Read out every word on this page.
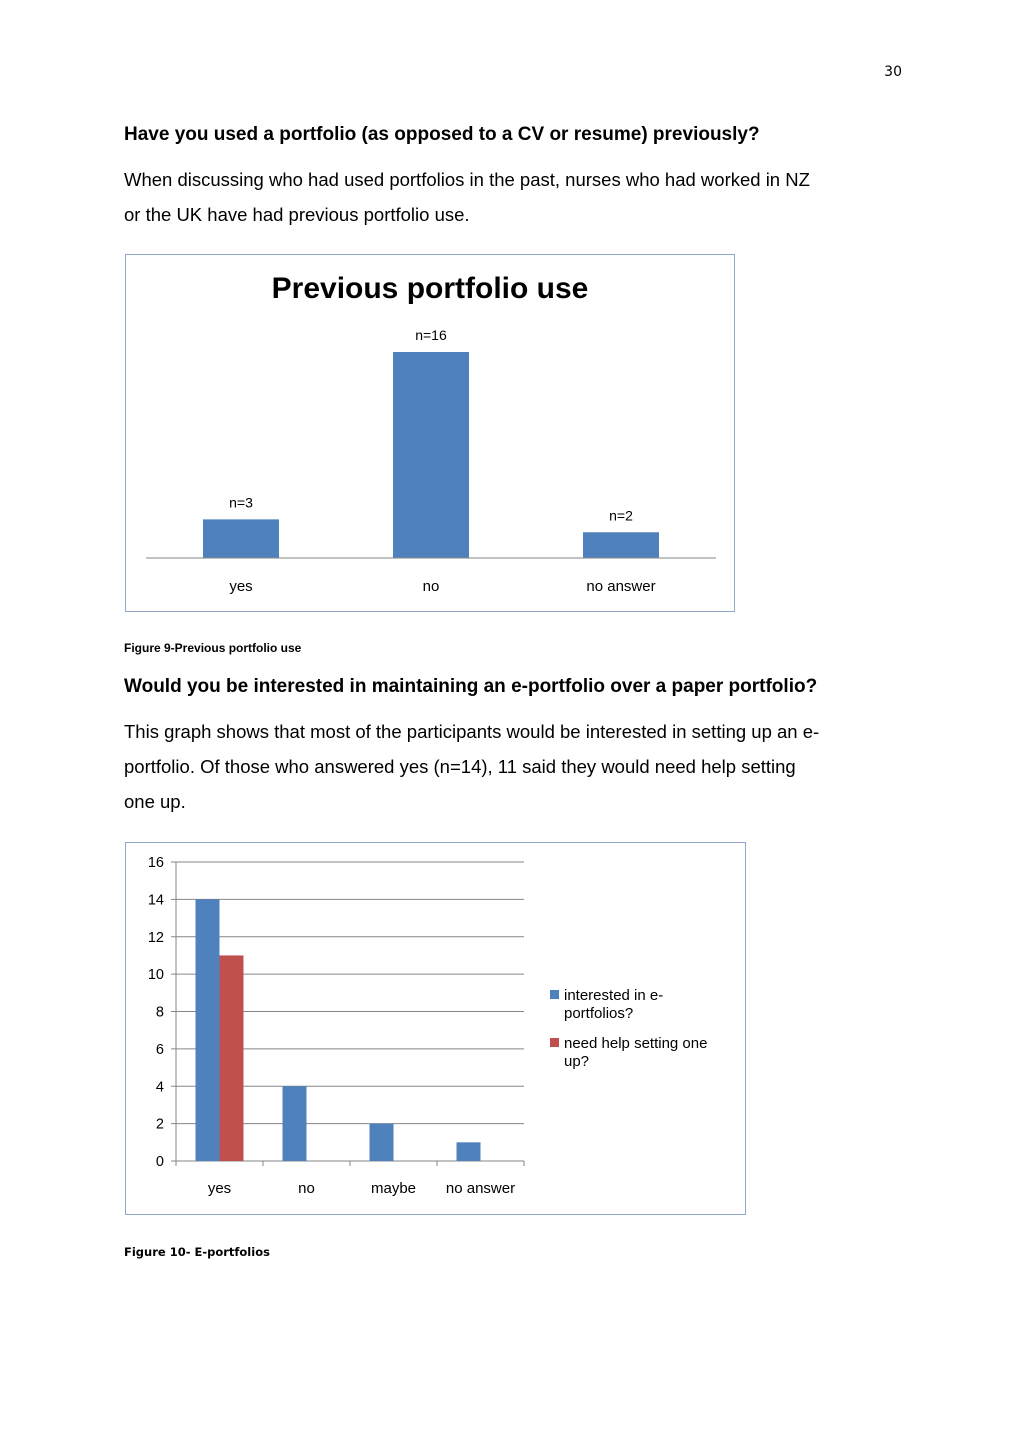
30
Have you used a portfolio (as opposed to a CV or resume) previously?

When discussing who had used portfolios in the past, nurses who had worked in NZ
or the UK have had previous portfolio use.

Previous portfolio use
n=3
yes
n=16
no
n=2
no answer

Figure 9-Previous portfolio use

Would you be interested in maintaining an e-portfolio over a paper portfolio?

This graph shows that most of the participants would be interested in setting up an e-
portfolio. Of those who answered yes (n=14), 11 said they would need help setting
one up.

0
2
4
6
8
10
12
14
16
yes	no	maybe no answer
interested in e-
portfolios?
need help setting one
up?

Figure 10- E-portfolios
